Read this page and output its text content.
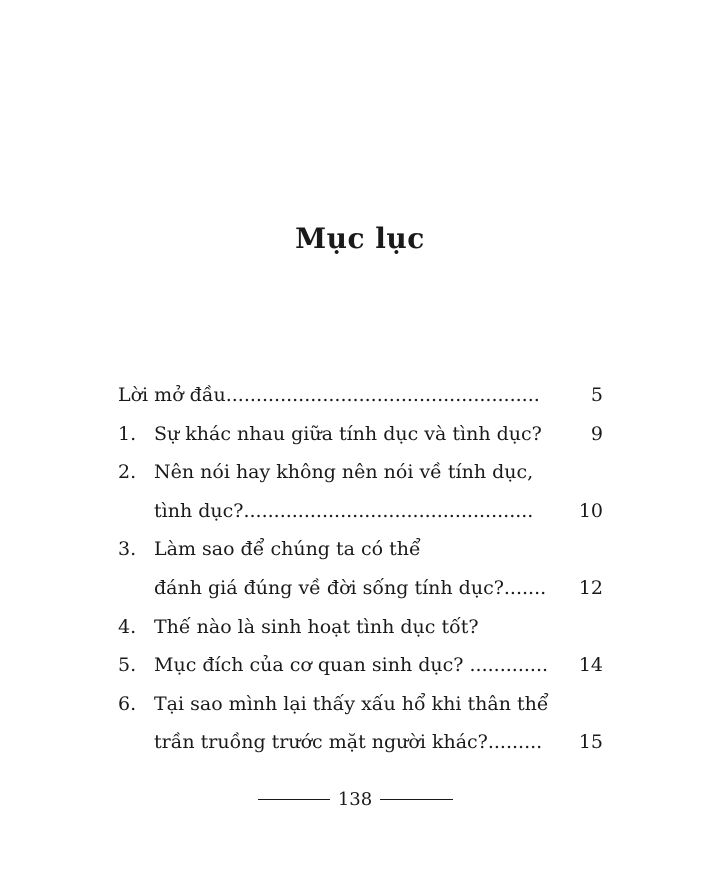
Mục lục
Lời mở đầu....................................................	5
1. Sự khác nhau giữa tính dục và tình dục?	9
2. Nên nói hay không nên nói về tính dục,
tình dục?................................................ 10
3. Làm sao để chúng ta có thể
đánh giá đúng về đời sống tính dục?....... 12
4. Thế nào là sinh hoạt tình dục tốt?
5. Mục đích của cơ quan sinh dục? ............. 14
6. Tại sao mình lại thấy xấu hổ khi thân thể
trần truồng trước mặt người khác?......... 15
138
